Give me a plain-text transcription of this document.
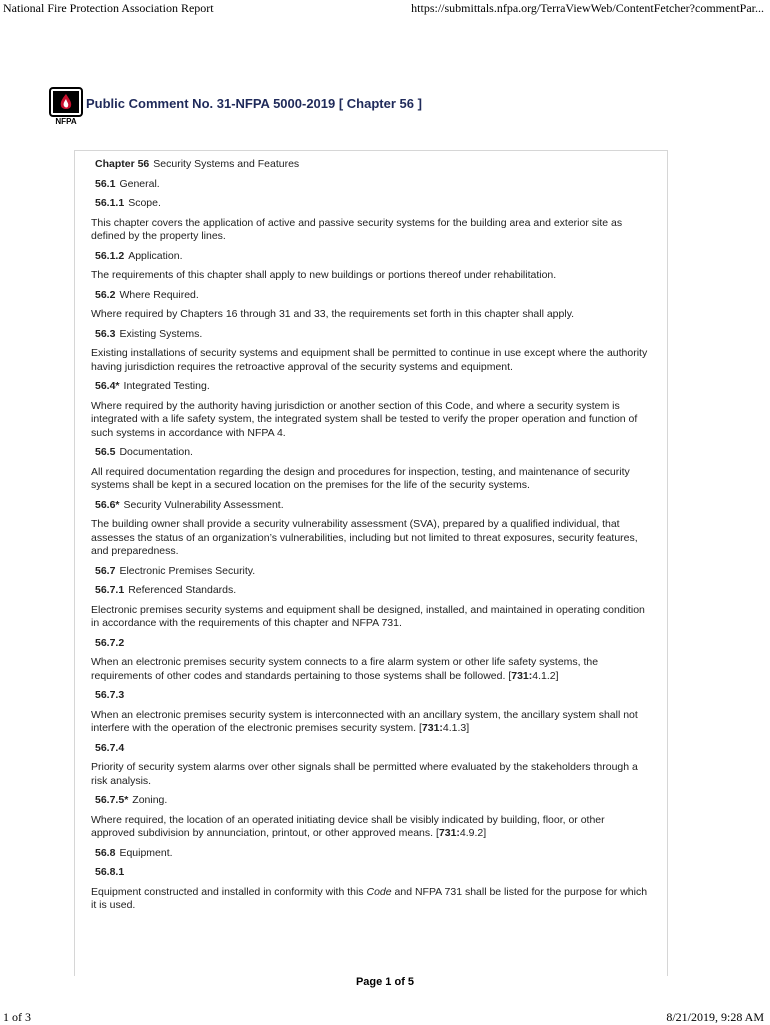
National Fire Protection Association Report	https://submittals.nfpa.org/TerraViewWeb/ContentFetcher?commentPar...
NFPA
Public Comment No. 31-NFPA 5000-2019 [ Chapter 56 ]
Chapter 56 Security Systems and Features
56.1 General.
56.1.1 Scope.
This chapter covers the application of active and passive security systems for the building area and exterior site as defined by the property lines.
56.1.2 Application.
The requirements of this chapter shall apply to new buildings or portions thereof under rehabilitation.
56.2 Where Required.
Where required by Chapters 16 through 31 and 33, the requirements set forth in this chapter shall apply.
56.3 Existing Systems.
Existing installations of security systems and equipment shall be permitted to continue in use except where the authority having jurisdiction requires the retroactive approval of the security systems and equipment.
56.4* Integrated Testing.
Where required by the authority having jurisdiction or another section of this Code, and where a security system is integrated with a life safety system, the integrated system shall be tested to verify the proper operation and function of such systems in accordance with NFPA 4.
56.5 Documentation.
All required documentation regarding the design and procedures for inspection, testing, and maintenance of security systems shall be kept in a secured location on the premises for the life of the security systems.
56.6* Security Vulnerability Assessment.
The building owner shall provide a security vulnerability assessment (SVA), prepared by a qualified individual, that assesses the status of an organization’s vulnerabilities, including but not limited to threat exposures, security features, and preparedness.
56.7 Electronic Premises Security.
56.7.1 Referenced Standards.
Electronic premises security systems and equipment shall be designed, installed, and maintained in operating condition in accordance with the requirements of this chapter and NFPA 731.
56.7.2
When an electronic premises security system connects to a fire alarm system or other life safety systems, the requirements of other codes and standards pertaining to those systems shall be followed. [731:4.1.2]
56.7.3
When an electronic premises security system is interconnected with an ancillary system, the ancillary system shall not interfere with the operation of the electronic premises security system. [731:4.1.3]
56.7.4
Priority of security system alarms over other signals shall be permitted where evaluated by the stakeholders through a risk analysis.
56.7.5* Zoning.
Where required, the location of an operated initiating device shall be visibly indicated by building, floor, or other approved subdivision by annunciation, printout, or other approved means. [731:4.9.2]
56.8 Equipment.
56.8.1
Equipment constructed and installed in conformity with this Code and NFPA 731 shall be listed for the purpose for which it is used.
Page 1 of 5
1 of 3	8/21/2019, 9:28 AM
